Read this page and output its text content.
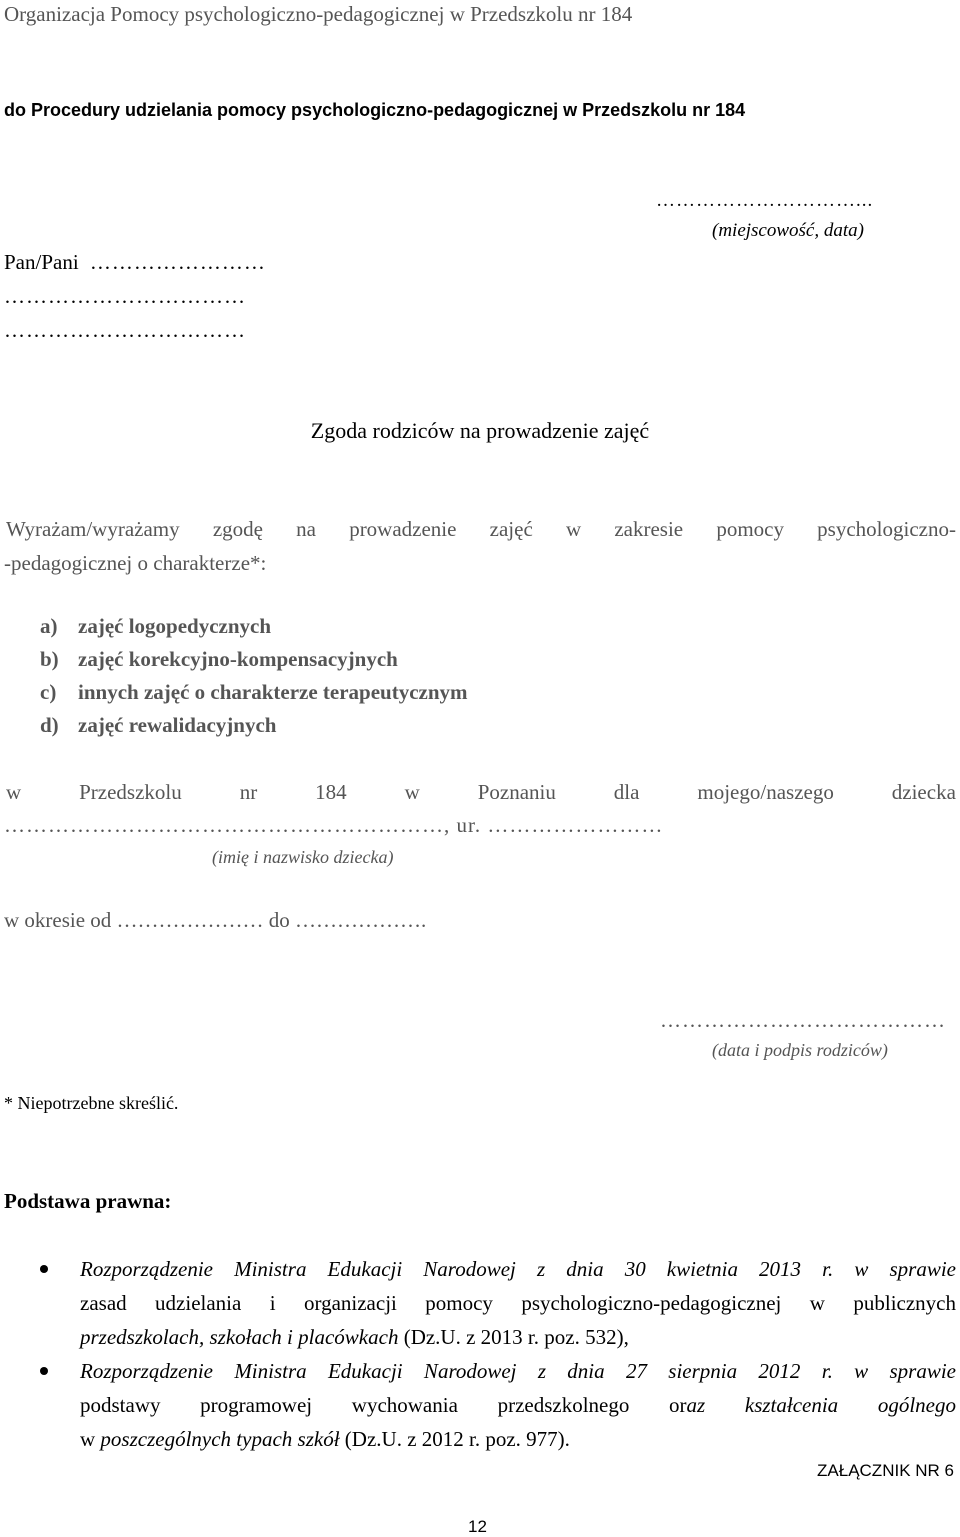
Organizacja Pomocy psychologiczno-pedagogicznej w Przedszkolu nr 184
do Procedury udzielania pomocy psychologiczno-pedagogicznej w Przedszkolu nr 184
…………………………...
(miejscowość, data)
Pan/Pani ……………………
……………………………
……………………………
Zgoda rodziców na prowadzenie zajęć
Wyrażam/wyrażamy zgodę na prowadzenie zajęć w zakresie pomocy psychologiczno-
-pedagogicznej o charakterze*:
a) zajęć logopedycznych
b) zajęć korekcyjno-kompensacyjnych
c) innych zajęć o charakterze terapeutycznym
d) zajęć rewalidacyjnych
w	Przedszkolu	nr	184	w	Poznaniu	dla	mojego/naszego	dziecka
……………………………………………………, ur. ……………………
(imię i nazwisko dziecka)
w okresie od ………………… do ……………….
…………………………………
(data i podpis rodziców)
* Niepotrzebne skreślić.
Podstawa prawna:
Rozporządzenie Ministra Edukacji Narodowej z dnia 30 kwietnia 2013 r. w sprawie
zasad udzielania i organizacji pomocy psychologiczno-pedagogicznej w publicznych
przedszkolach, szkołach i placówkach (Dz.U. z 2013 r. poz. 532),
Rozporządzenie Ministra Edukacji Narodowej z dnia 27 sierpnia 2012 r. w sprawie
podstawy programowej wychowania przedszkolnego oraz kształcenia ogólnego
w poszczególnych typach szkół (Dz.U. z 2012 r. poz. 977).
ZAŁĄCZNIK NR 6
12
